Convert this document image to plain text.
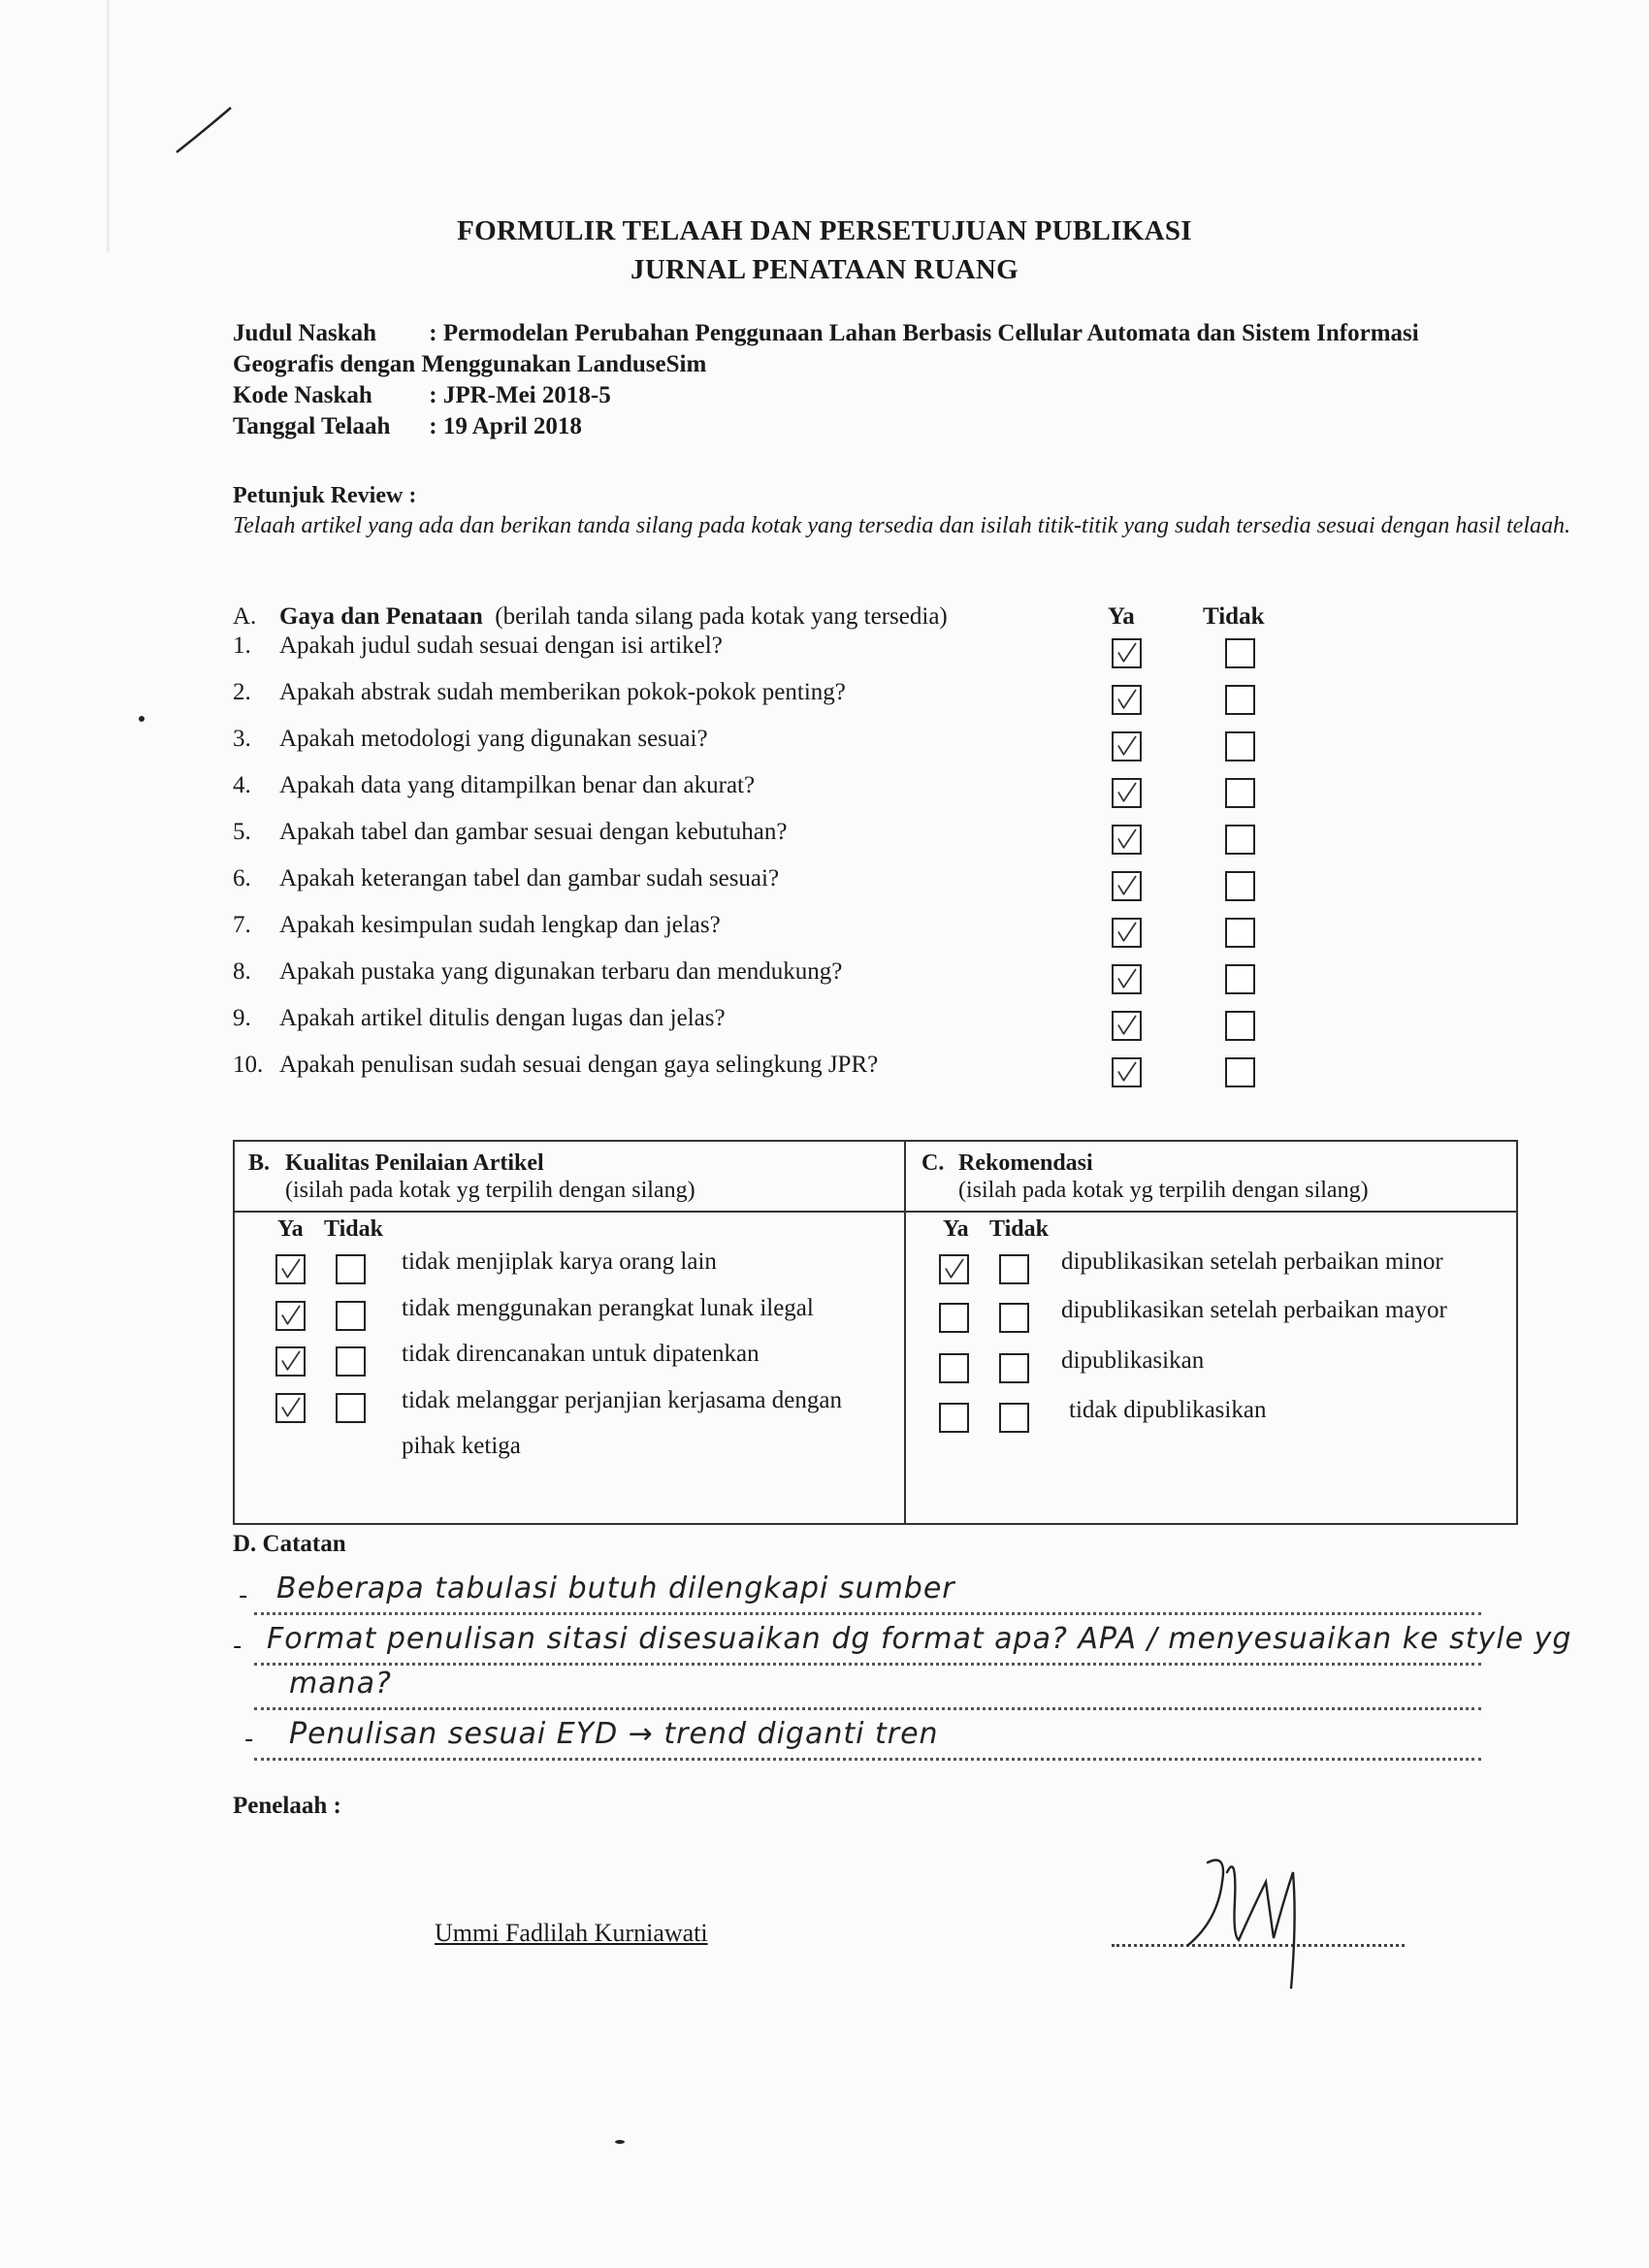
FORMULIR TELAAH DAN PERSETUJUAN PUBLIKASI
JURNAL PENATAAN RUANG
Judul Naskah : Permodelan Perubahan Penggunaan Lahan Berbasis Cellular Automata dan Sistem Informasi
Geografis dengan Menggunakan LanduseSim
Kode Naskah : JPR-Mei 2018-5
Tanggal Telaah : 19 April 2018
Petunjuk Review :
Telaah artikel yang ada dan berikan tanda silang pada kotak yang tersedia dan isilah titik-titik yang sudah tersedia sesuai dengan hasil telaah.
A. Gaya dan Penataan (berilah tanda silang pada kotak yang tersedia)	Ya	Tidak
1. Apakah judul sudah sesuai dengan isi artikel?
2. Apakah abstrak sudah memberikan pokok-pokok penting?
3. Apakah metodologi yang digunakan sesuai?
4. Apakah data yang ditampilkan benar dan akurat?
5. Apakah tabel dan gambar sesuai dengan kebutuhan?
6. Apakah keterangan tabel dan gambar sudah sesuai?
7. Apakah kesimpulan sudah lengkap dan jelas?
8. Apakah pustaka yang digunakan terbaru dan mendukung?
9. Apakah artikel ditulis dengan lugas dan jelas?
10. Apakah penulisan sudah sesuai dengan gaya selingkung JPR?
B. Kualitas Penilaian Artikel
(isilah pada kotak yg terpilih dengan silang)
C. Rekomendasi
(isilah pada kotak yg terpilih dengan silang)
Ya Tidak	Ya Tidak
tidak menjiplak karya orang lain
tidak menggunakan perangkat lunak ilegal
tidak direncanakan untuk dipatenkan
tidak melanggar perjanjian kerjasama dengan
pihak ketiga
dipublikasikan setelah perbaikan minor
dipublikasikan setelah perbaikan mayor
dipublikasikan
tidak dipublikasikan
D. Catatan
- Beberapa tabulasi butuh dilengkapi sumber
- Format penulisan sitasi disesuaikan dg format apa? APA / menyesuaikan ke style yg
mana?
- Penulisan sesuai EYD → trend diganti tren
Penelaah :
Ummi Fadlilah Kurniawati
